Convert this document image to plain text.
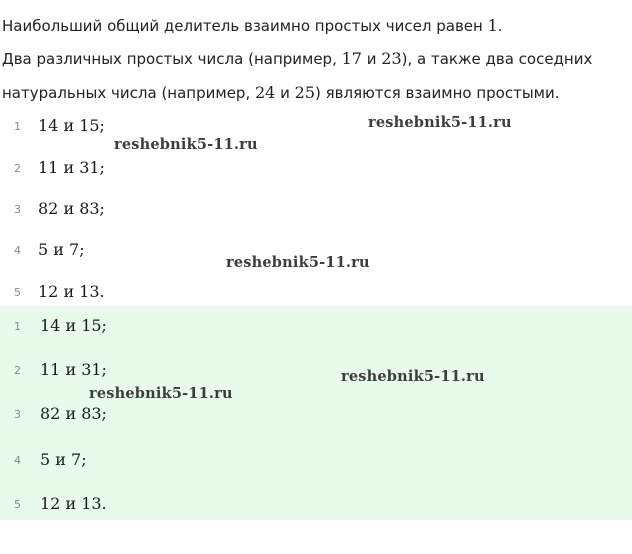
Наибольший общий делитель взаимно простых чисел равен 1.

Два различных простых числа (например, 17 и 23), а также два соседних

натуральных числа (например, 24 и 25) являются взаимно простыми.

1 14 и 15;
2 11 и 31;
3 82 и 83;
4 5 и 7;
5 12 и 13.
1 14 и 15;
2 11 и 31;
3 82 и 83;
4 5 и 7;
5 12 и 13.
reshebnik5-11.ru
reshebnik5-11.ru
reshebnik5-11.ru
reshebnik5-11.ru
reshebnik5-11.ru
